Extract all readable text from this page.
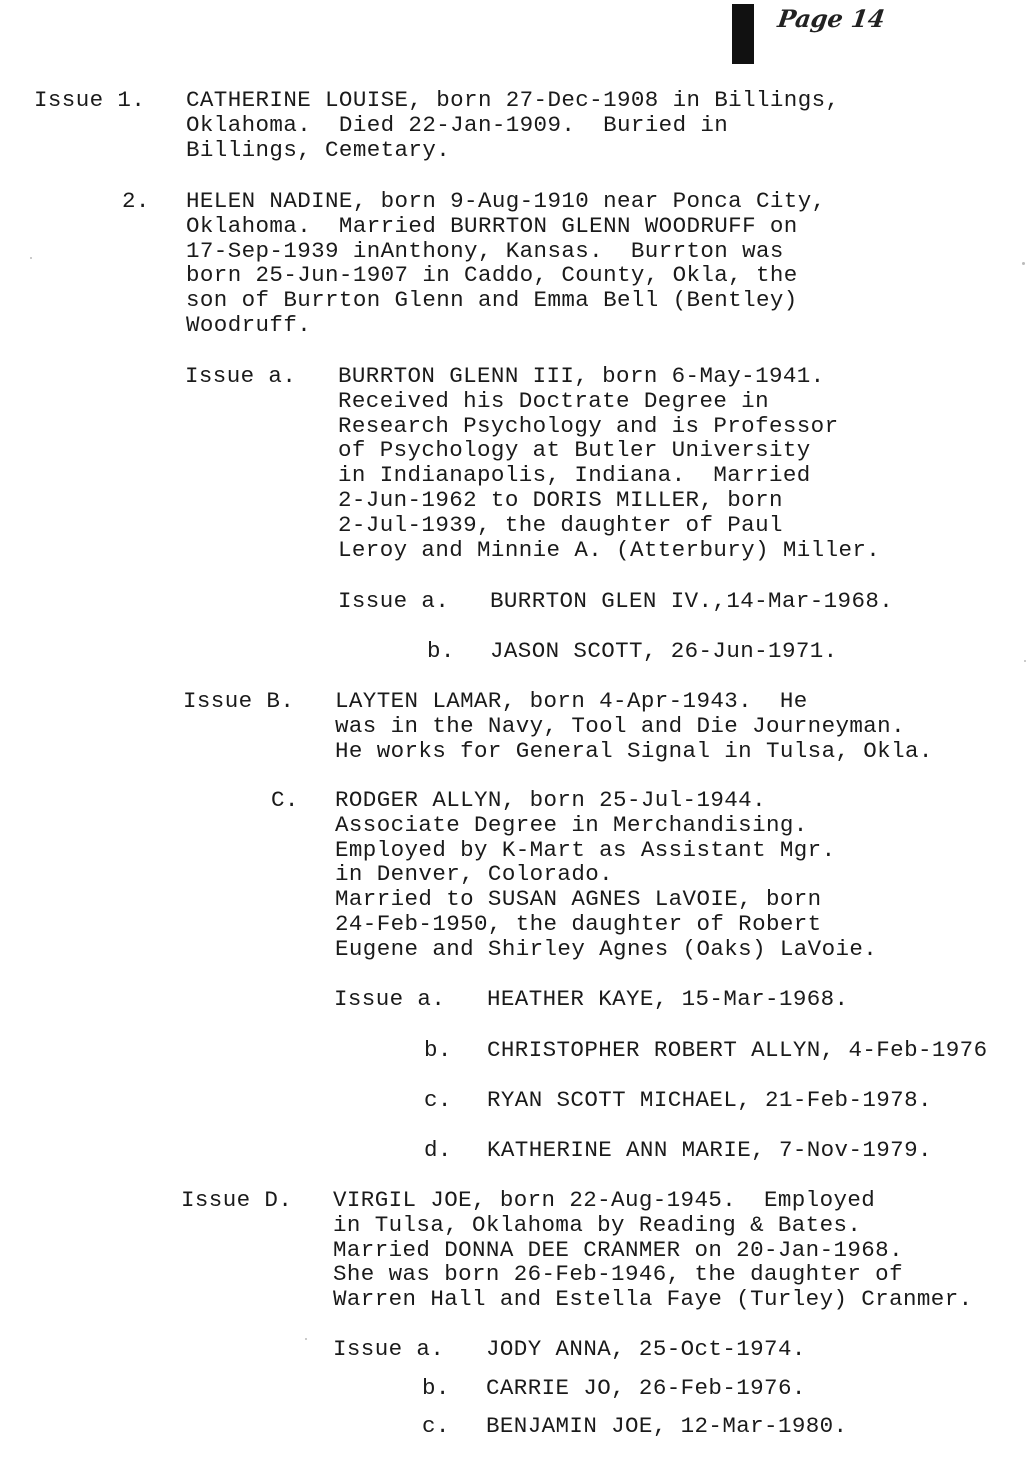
Page 14
Issue 1. CATHERINE LOUISE, born 27-Dec-1908 in Billings,
Oklahoma.  Died 22-Jan-1909.  Buried in
Billings, Cemetary.
2. HELEN NADINE, born 9-Aug-1910 near Ponca City,
Oklahoma.  Married BURRTON GLENN WOODRUFF on
17-Sep-1939 inAnthony, Kansas.  Burrton was
born 25-Jun-1907 in Caddo, County, Okla, the
son of Burrton Glenn and Emma Bell (Bentley)
Woodruff.
Issue a. BURRTON GLENN III, born 6-May-1941.
Received his Doctrate Degree in
Research Psychology and is Professor
of Psychology at Butler University
in Indianapolis, Indiana.  Married
2-Jun-1962 to DORIS MILLER, born
2-Jul-1939, the daughter of Paul
Leroy and Minnie A. (Atterbury) Miller.
Issue a. BURRTON GLEN IV.,14-Mar-1968.
b. JASON SCOTT, 26-Jun-1971.
Issue B. LAYTEN LAMAR, born 4-Apr-1943.  He
was in the Navy, Tool and Die Journeyman.
He works for General Signal in Tulsa, Okla.
C. RODGER ALLYN, born 25-Jul-1944.
Associate Degree in Merchandising.
Employed by K-Mart as Assistant Mgr.
in Denver, Colorado.
Married to SUSAN AGNES LaVOIE, born
24-Feb-1950, the daughter of Robert
Eugene and Shirley Agnes (Oaks) LaVoie.
Issue a. HEATHER KAYE, 15-Mar-1968.
b. CHRISTOPHER ROBERT ALLYN, 4-Feb-1976
c. RYAN SCOTT MICHAEL, 21-Feb-1978.
d. KATHERINE ANN MARIE, 7-Nov-1979.
Issue D. VIRGIL JOE, born 22-Aug-1945.  Employed
in Tulsa, Oklahoma by Reading & Bates.
Married DONNA DEE CRANMER on 20-Jan-1968.
She was born 26-Feb-1946, the daughter of
Warren Hall and Estella Faye (Turley) Cranmer.
Issue a. JODY ANNA, 25-Oct-1974.
b. CARRIE JO, 26-Feb-1976.
c. BENJAMIN JOE, 12-Mar-1980.
